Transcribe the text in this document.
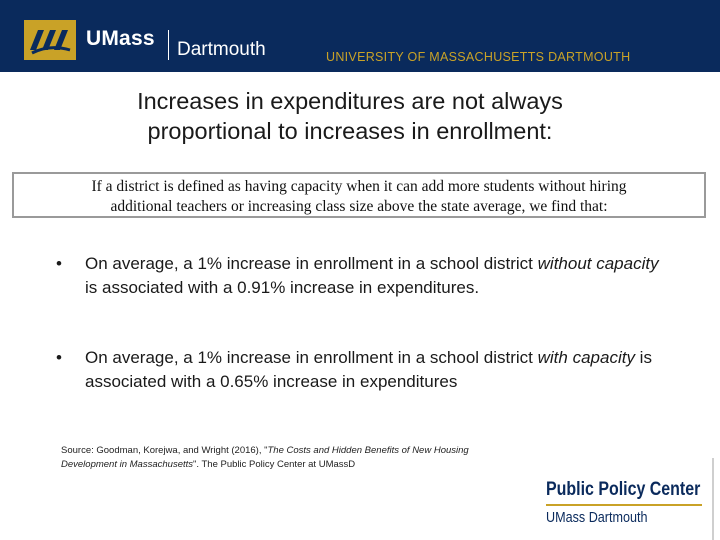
UMass Dartmouth	UNIVERSITY OF MASSACHUSETTS DARTMOUTH
Increases in expenditures are not always
proportional to increases in enrollment:
If a district is defined as having capacity when it can add more students without hiring
additional teachers or increasing class size above the state average, we find that:
•	On average, a 1% increase in enrollment in a school district without capacity is associated with a 0.91% increase in expenditures.
•	On average, a 1% increase in enrollment in a school district with capacity is associated with a 0.65% increase in expenditures
Source: Goodman, Korejwa, and Wright (2016), "The Costs and Hidden Benefits of New Housing Development in Massachusetts". The Public Policy Center at UMassD
Public Policy Center
UMass Dartmouth
